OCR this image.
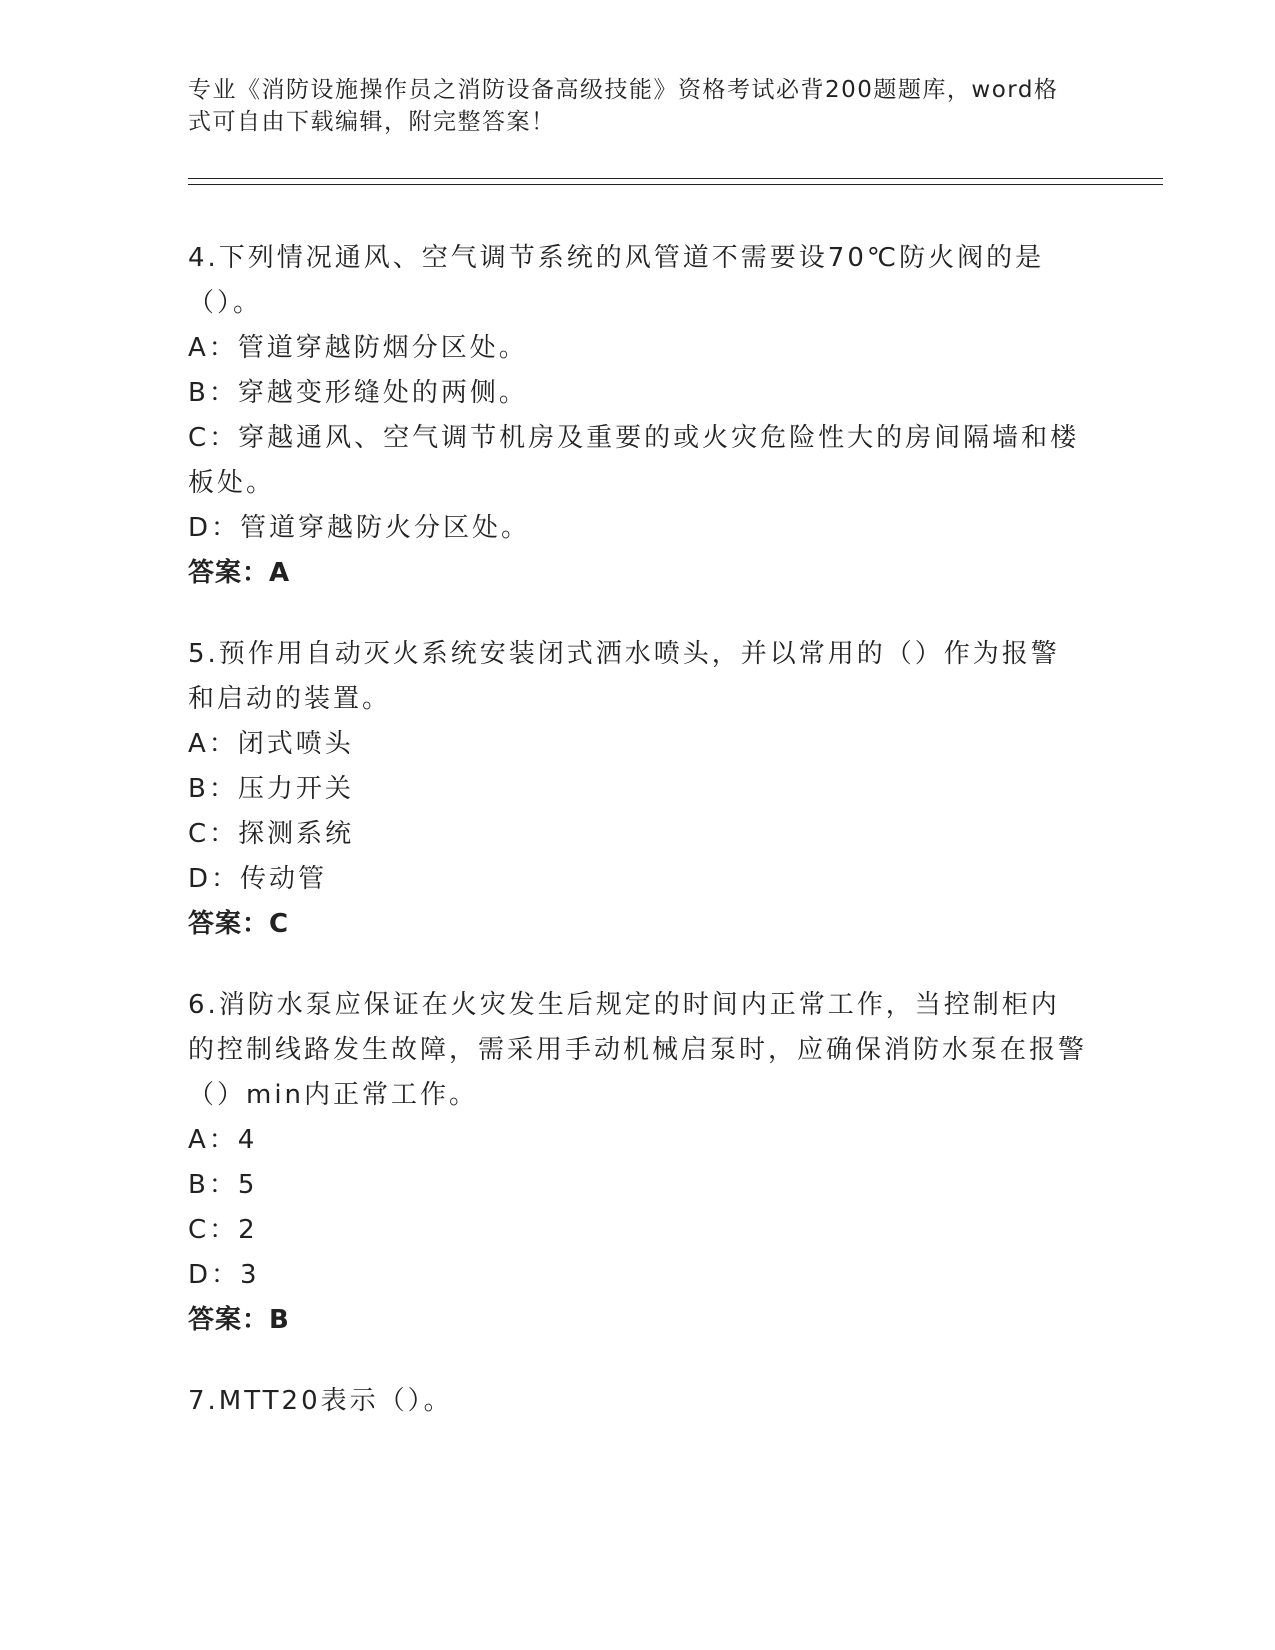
专业《消防设施操作员之消防设备高级技能》资格考试必背200题题库，word格式可自由下载编辑，附完整答案！
4.下列情况通风、空气调节系统的风管道不需要设70℃防火阀的是（）。
A：管道穿越防烟分区处。
B：穿越变形缝处的两侧。
C：穿越通风、空气调节机房及重要的或火灾危险性大的房间隔墙和楼板处。
D：管道穿越防火分区处。
答案：A
5.预作用自动灭火系统安装闭式洒水喷头，并以常用的（）作为报警和启动的装置。
A：闭式喷头
B：压力开关
C：探测系统
D：传动管
答案：C
6.消防水泵应保证在火灾发生后规定的时间内正常工作，当控制柜内的控制线路发生故障，需采用手动机械启泵时，应确保消防水泵在报警（）min内正常工作。
A：4
B：5
C：2
D：3
答案：B
7.MTT20表示（）。
